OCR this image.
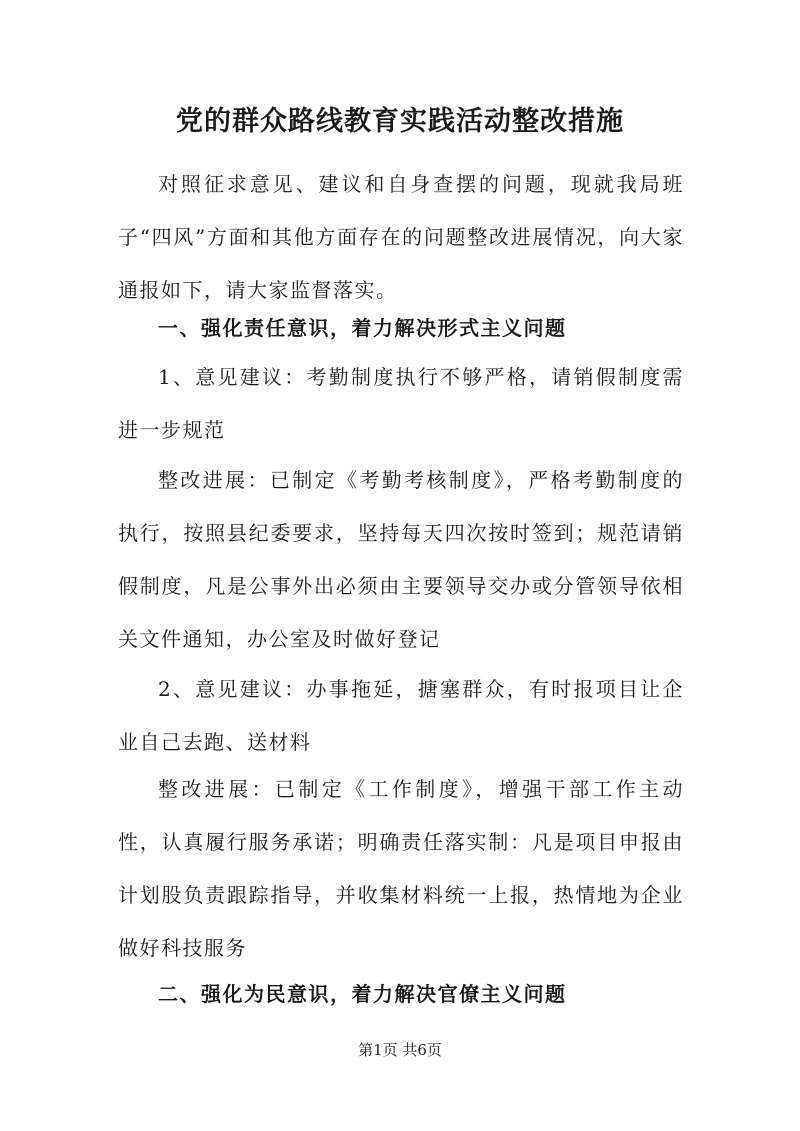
党的群众路线教育实践活动整改措施

对照征求意见、建议和自身查摆的问题，现就我局班子“四风”方面和其他方面存在的问题整改进展情况，向大家通报如下，请大家监督落实。

一、强化责任意识，着力解决形式主义问题

1、意见建议：考勤制度执行不够严格，请销假制度需进一步规范

整改进展：已制定《考勤考核制度》，严格考勤制度的执行，按照县纪委要求，坚持每天四次按时签到；规范请销假制度，凡是公事外出必须由主要领导交办或分管领导依相关文件通知，办公室及时做好登记

2、意见建议：办事拖延，搪塞群众，有时报项目让企业自己去跑、送材料

整改进展：已制定《工作制度》，增强干部工作主动性，认真履行服务承诺；明确责任落实制：凡是项目申报由计划股负责跟踪指导，并收集材料统一上报，热情地为企业做好科技服务

二、强化为民意识，着力解决官僚主义问题

第1页 共6页
